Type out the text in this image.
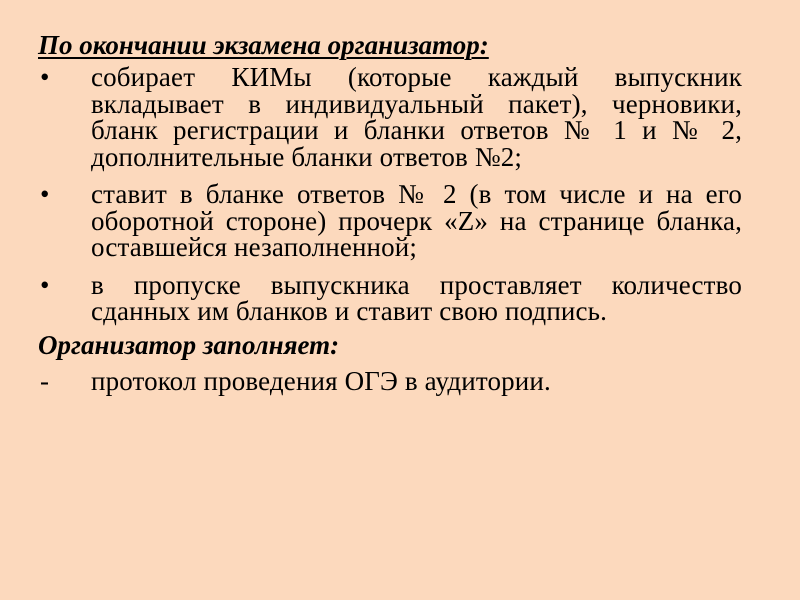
По окончании экзамена организатор:

•	собирает КИМы (которые каждый выпускник вкладывает в индивидуальный пакет), черновики, бланк регистрации и бланки ответов № 1 и № 2, дополнительные бланки ответов №2;
•	ставит в бланке ответов № 2 (в том числе и на его оборотной стороне) прочерк «Z» на странице бланка, оставшейся незаполненной;
•	в пропуске выпускника проставляет количество сданных им бланков и ставит свою подпись.

Организатор заполняет:

-	протокол проведения ОГЭ в аудитории.
